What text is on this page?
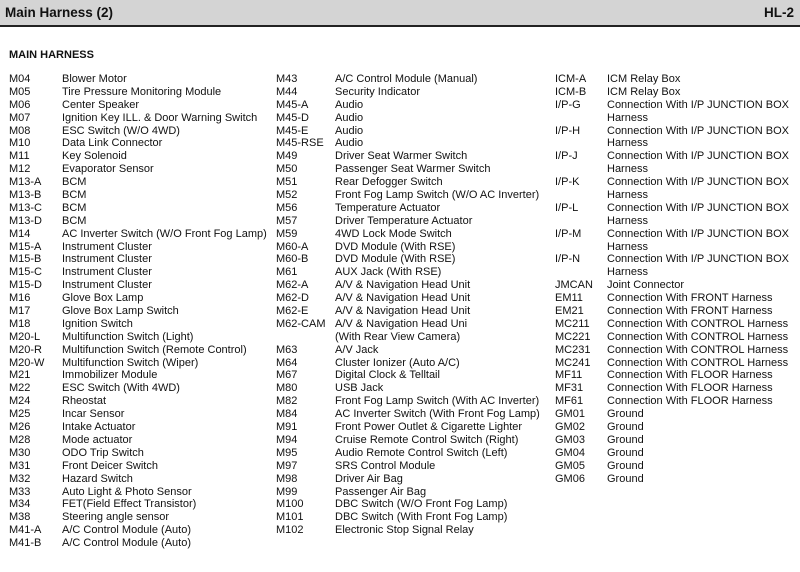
Main Harness (2)	HL-2
MAIN HARNESS
M04	Blower Motor
M05	Tire Pressure Monitoring Module
M06	Center Speaker
M07	Ignition Key ILL. & Door Warning Switch
M08	ESC Switch (W/O 4WD)
M10	Data Link Connector
M11	Key Solenoid
M12	Evaporator Sensor
M13-A	BCM
M13-B	BCM
M13-C	BCM
M13-D	BCM
M14	AC Inverter Switch (W/O Front Fog Lamp)
M15-A	Instrument Cluster
M15-B	Instrument Cluster
M15-C	Instrument Cluster
M15-D	Instrument Cluster
M16	Glove Box Lamp
M17	Glove Box Lamp Switch
M18	Ignition Switch
M20-L	Multifunction Switch (Light)
M20-R	Multifunction Switch (Remote Control)
M20-W	Multifunction Switch (Wiper)
M21	Immobilizer Module
M22	ESC Switch (With 4WD)
M24	Rheostat
M25	Incar Sensor
M26	Intake Actuator
M28	Mode actuator
M30	ODO Trip Switch
M31	Front Deicer Switch
M32	Hazard Switch
M33	Auto Light & Photo Sensor
M34	FET(Field Effect Transistor)
M38	Steering angle sensor
M41-A	A/C Control Module (Auto)
M41-B	A/C Control Module (Auto)
M43	A/C Control Module (Manual)
M44	Security Indicator
M45-A	Audio
M45-D	Audio
M45-E	Audio
M45-RSE	Audio
M49	Driver Seat Warmer Switch
M50	Passenger Seat Warmer Switch
M51	Rear Defogger Switch
M52	Front Fog Lamp Switch (W/O AC Inverter)
M56	Temperature Actuator
M57	Driver Temperature Actuator
M59	4WD Lock Mode Switch
M60-A	DVD Module (With RSE)
M60-B	DVD Module (With RSE)
M61	AUX Jack (With RSE)
M62-A	A/V & Navigation Head Unit
M62-D	A/V & Navigation Head Unit
M62-E	A/V & Navigation Head Unit
M62-CAM A/V & Navigation Head Uni
(With Rear View Camera)
M63	A/V Jack
M64	Cluster Ionizer (Auto A/C)
M67	Digital Clock & Telltail
M80	USB Jack
M82	Front Fog Lamp Switch (With AC Inverter)
M84	AC Inverter Switch (With Front Fog Lamp)
M91	Front Power Outlet & Cigarette Lighter
M94	Cruise Remote Control Switch (Right)
M95	Audio Remote Control Switch (Left)
M97	SRS Control Module
M98	Driver Air Bag
M99	Passenger Air Bag
M100	DBC Switch (W/O Front Fog Lamp)
M101	DBC Switch (With Front Fog Lamp)
M102	Electronic Stop Signal Relay
ICM-A	ICM Relay Box
ICM-B	ICM Relay Box
I/P-G	Connection With I/P JUNCTION BOX
Harness
I/P-H	Connection With I/P JUNCTION BOX
Harness
I/P-J	Connection With I/P JUNCTION BOX
Harness
I/P-K	Connection With I/P JUNCTION BOX
Harness
I/P-L	Connection With I/P JUNCTION BOX
Harness
I/P-M	Connection With I/P JUNCTION BOX
Harness
I/P-N	Connection With I/P JUNCTION BOX
Harness
JMCAN	Joint Connector
EM11	Connection With FRONT Harness
EM21	Connection With FRONT Harness
MC211	Connection With CONTROL Harness
MC221	Connection With CONTROL Harness
MC231	Connection With CONTROL Harness
MC241	Connection With CONTROL Harness
MF11	Connection With FLOOR Harness
MF31	Connection With FLOOR Harness
MF61	Connection With FLOOR Harness
GM01	Ground
GM02	Ground
GM03	Ground
GM04	Ground
GM05	Ground
GM06	Ground
